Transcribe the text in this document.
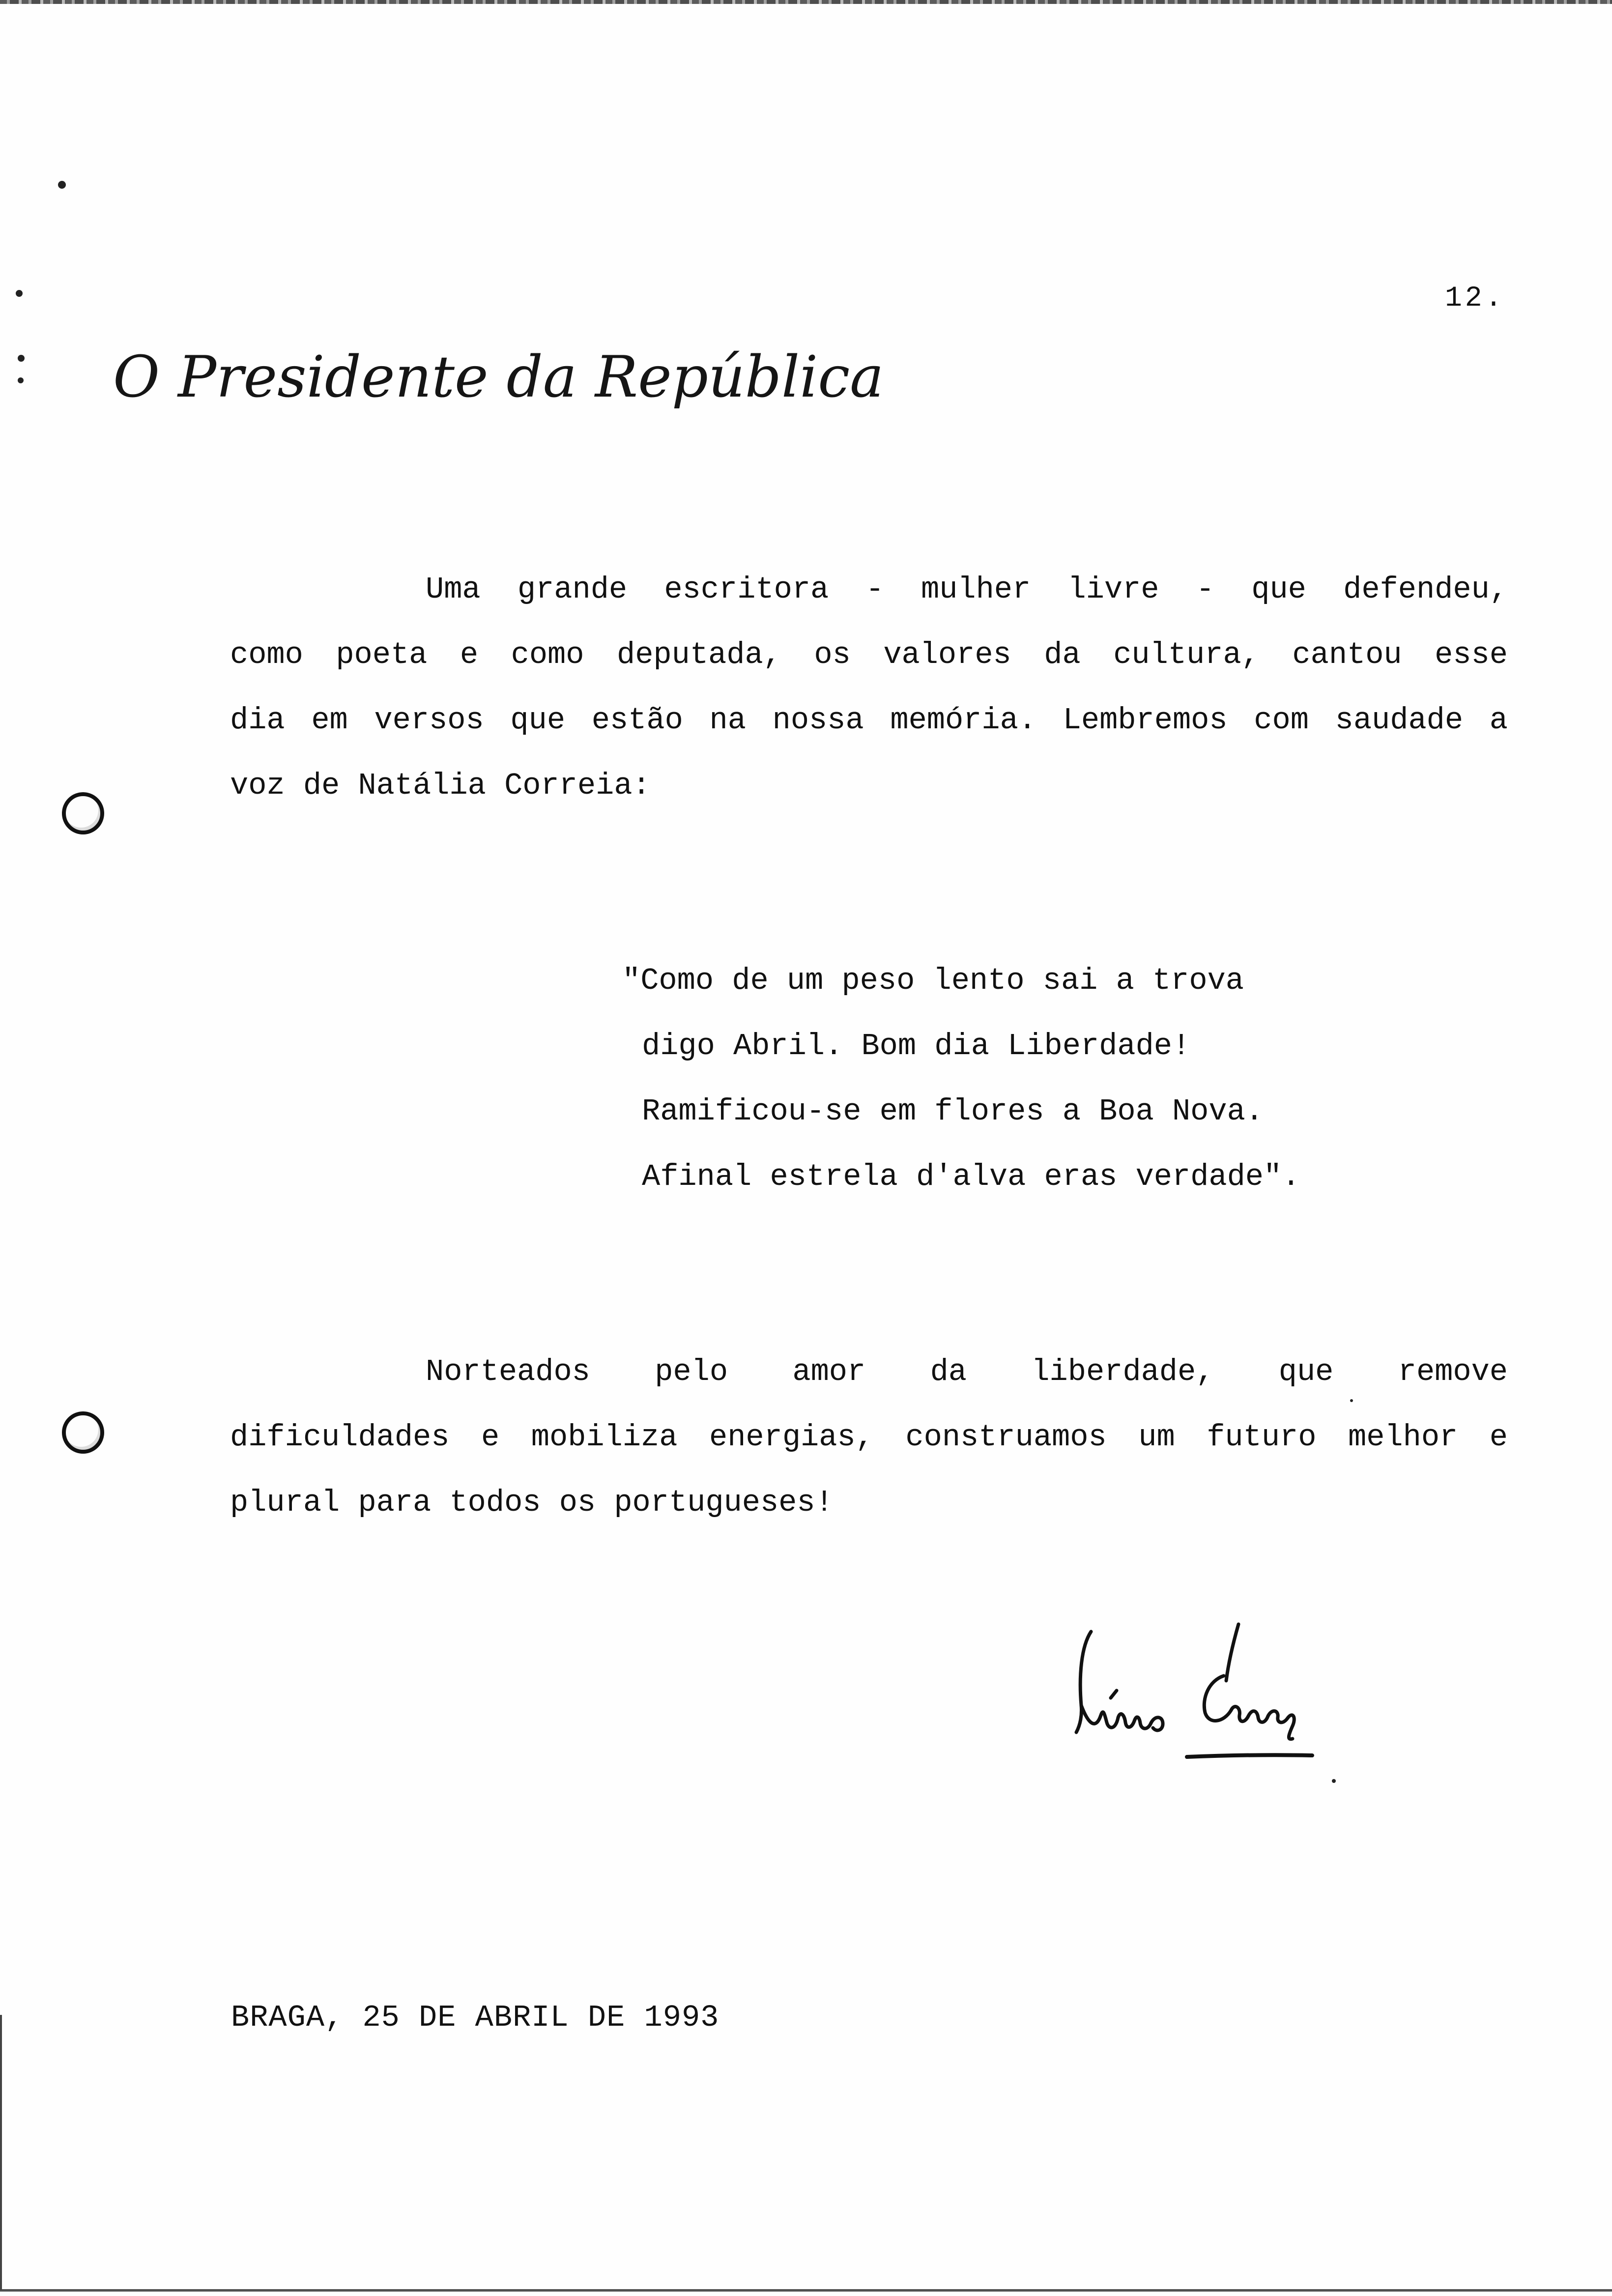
12.
O Presidente da República
Uma grande escritora - mulher livre - que defendeu,
como poeta e como deputada, os valores da cultura, cantou esse
dia em versos que estão na nossa memória. Lembremos com saudade a
voz de Natália Correia:
"Como de um peso lento sai a trova
digo Abril. Bom dia Liberdade!
Ramificou-se em flores a Boa Nova.
Afinal estrela d'alva eras verdade".
Norteados pelo amor da liberdade, que remove
dificuldades e mobiliza energias, construamos um futuro melhor e
plural para todos os portugueses!
BRAGA, 25 DE ABRIL DE 1993
